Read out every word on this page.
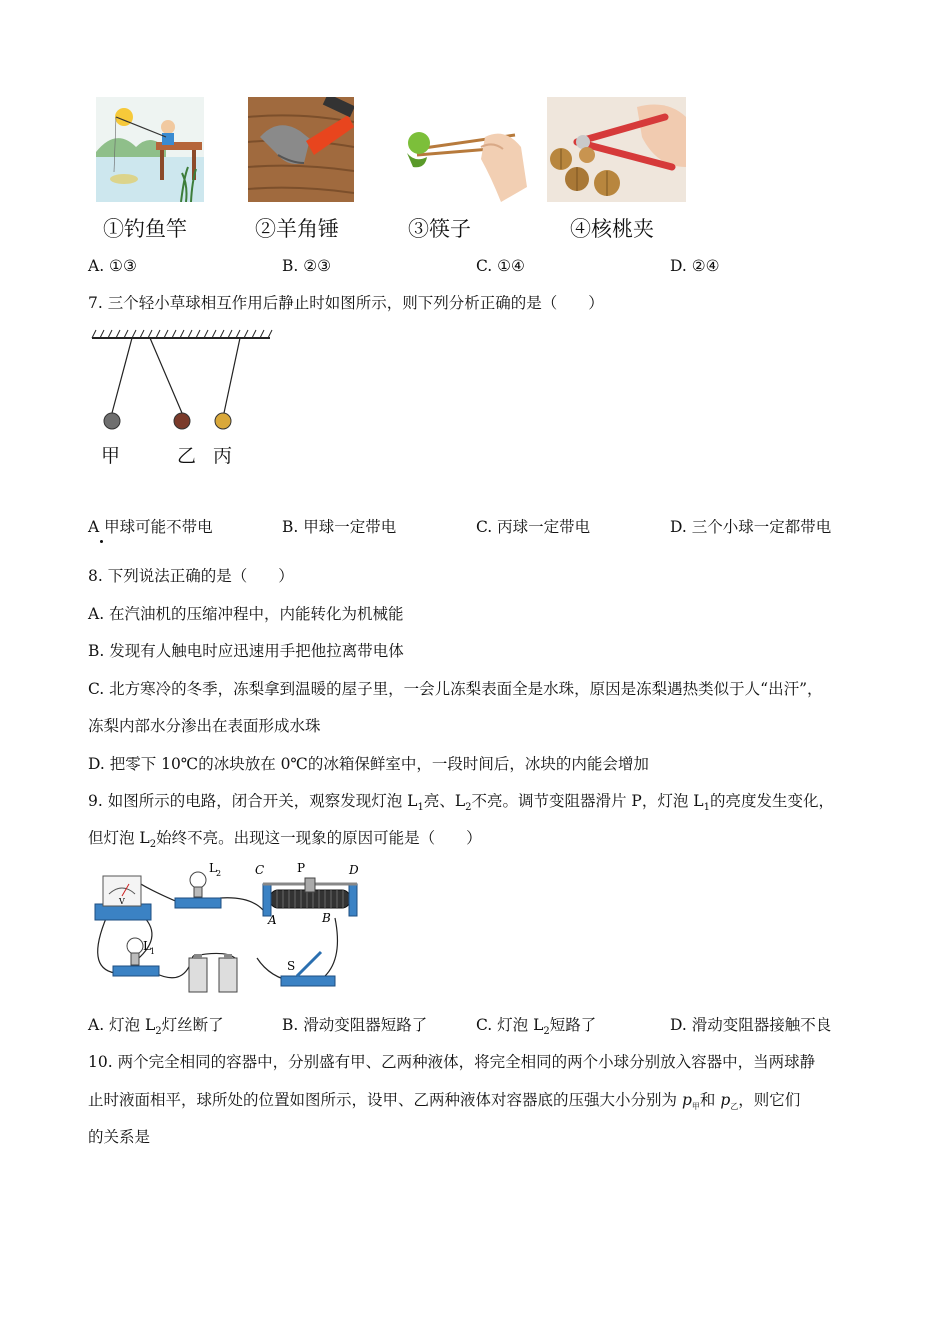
①钓鱼竿	②羊角锤	③筷子	④核桃夹
A. ①③	B. ②③	C. ①④	D. ②④
7. 三个轻小草球相互作用后静止时如图所示，则下列分析正确的是（　　）
甲	乙 丙
A 甲球可能不带电	B. 甲球一定带电	C. 丙球一定带电	D. 三个小球一定都带电
8. 下列说法正确的是（　　）
A. 在汽油机的压缩冲程中，内能转化为机械能
B. 发现有人触电时应迅速用手把他拉离带电体
C. 北方寒冷的冬季，冻梨拿到温暖的屋子里，一会儿冻梨表面全是水珠，原因是冻梨遇热类似于人“出汗”，
冻梨内部水分渗出在表面形成水珠
D. 把零下 10℃的冰块放在 0℃的冰箱保鲜室中，一段时间后，冰块的内能会增加
9. 如图所示的电路，闭合开关，观察发现灯泡 $L_1$亮、$L_2$不亮。调节变阻器滑片 P，灯泡 $L_1$的亮度发生变化，
但灯泡 $L_2$始终不亮。出现这一现象的原因可能是（　　）
V
L 2
L 1
S
C	P	D
A	B
A. 灯泡 $L_2$灯丝断了	B. 滑动变阻器短路了	C. 灯泡 $L_2$短路了	D. 滑动变阻器接触不良
10. 两个完全相同的容器中，分别盛有甲、乙两种液体，将完全相同的两个小球分别放入容器中，当两球静
止时液面相平，球所处的位置如图所示，设甲、乙两种液体对容器底的压强大小分别为 $p_甲$和 $p_乙$，则它们
的关系是
